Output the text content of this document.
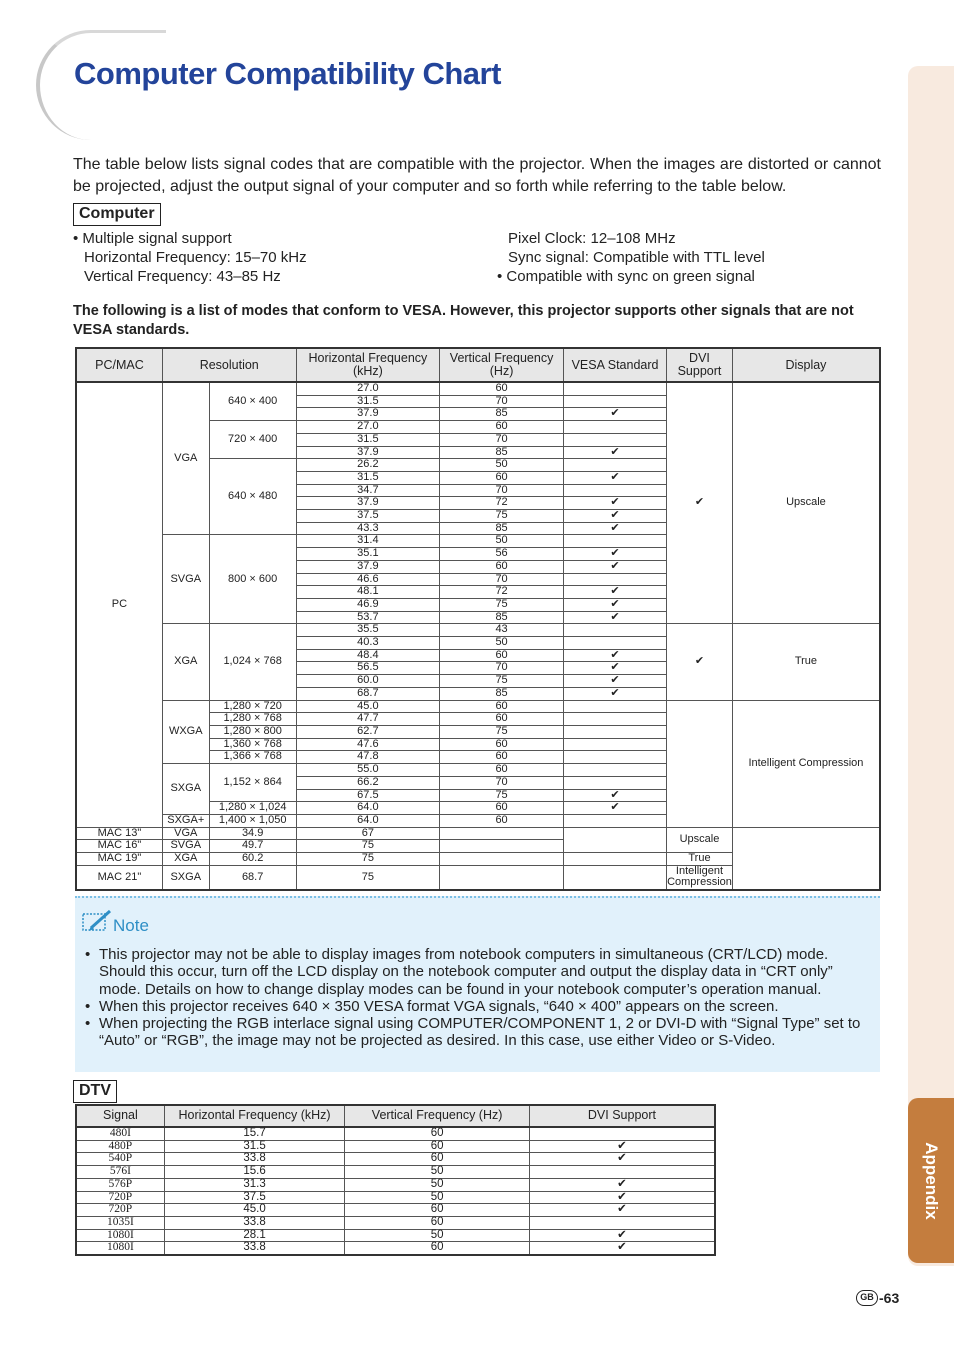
Computer Compatibility Chart

The table below lists signal codes that are compatible with the projector. When the images are distorted or cannot be projected, adjust the output signal of your computer and so forth while referring to the table below.

Computer
• Multiple signal support
Horizontal Frequency: 15–70 kHz
Vertical Frequency: 43–85 Hz
Pixel Clock: 12–108 MHz
Sync signal: Compatible with TTL level
• Compatible with sync on green signal

The following is a list of modes that conform to VESA. However, this projector supports other signals that are not VESA standards.

PC/MAC	Resolution		Horizontal Frequency (kHz)	Vertical Frequency (Hz)	VESA Standard	DVI Support	Display
PC	VGA	640 × 400	27.0	60		✔	Upscale
			31.5	70			
			37.9	85	✔		
		720 × 400	27.0	60			
			31.5	70			
			37.9	85	✔		
		640 × 480	26.2	50			
			31.5	60	✔		
			34.7	70			
			37.9	72	✔		
			37.5	75	✔		
			43.3	85	✔		
	SVGA	800 × 600	31.4	50			
			35.1	56	✔		
			37.9	60	✔		
			46.6	70			
			48.1	72	✔		
			46.9	75	✔		
			53.7	85	✔		
	XGA	1,024 × 768	35.5	43		✔	True
			40.3	50			
			48.4	60	✔		
			56.5	70	✔		
			60.0	75	✔		
			68.7	85	✔		
	WXGA	1,280 × 720	45.0	60			Intelligent Compression
		1,280 × 768	47.7	60			
		1,280 × 800	62.7	75			
		1,360 × 768	47.6	60			
		1,366 × 768	47.8	60			
	SXGA	1,152 × 864	55.0	60			
			66.2	70			
			67.5	75	✔		
		1,280 × 1,024	64.0	60	✔		
	SXGA+	1,400 × 1,050	64.0	60			
MAC 13"	VGA	34.9	67			Upscale	
MAC 16"	SVGA	49.7	75				
MAC 19"	XGA	60.2	75			True	
MAC 21"	SXGA	68.7	75			Intelligent Compression	
Note
• This projector may not be able to display images from notebook computers in simultaneous (CRT/LCD) mode. Should this occur, turn off the LCD display on the notebook computer and output the display data in “CRT only” mode. Details on how to change display modes can be found in your notebook computer’s operation manual.
• When this projector receives 640 × 350 VESA format VGA signals, “640 × 400” appears on the screen.
• When projecting the RGB interlace signal using COMPUTER/COMPONENT 1, 2 or DVI-D with “Signal Type” set to “Auto” or “RGB”, the image may not be projected as desired. In this case, use either Video or S-Video.
DTV
Signal	Horizontal Frequency (kHz)	Vertical Frequency (Hz)	DVI Support
480I	15.7	60	
480P	31.5	60	✔
540P	33.8	60	✔
576I	15.6	50	
576P	31.3	50	✔
720P	37.5	50	✔
720P	45.0	60	✔
1035I	33.8	60	
1080I	28.1	50	✔
1080I	33.8	60	✔
Appendix
GB -63
